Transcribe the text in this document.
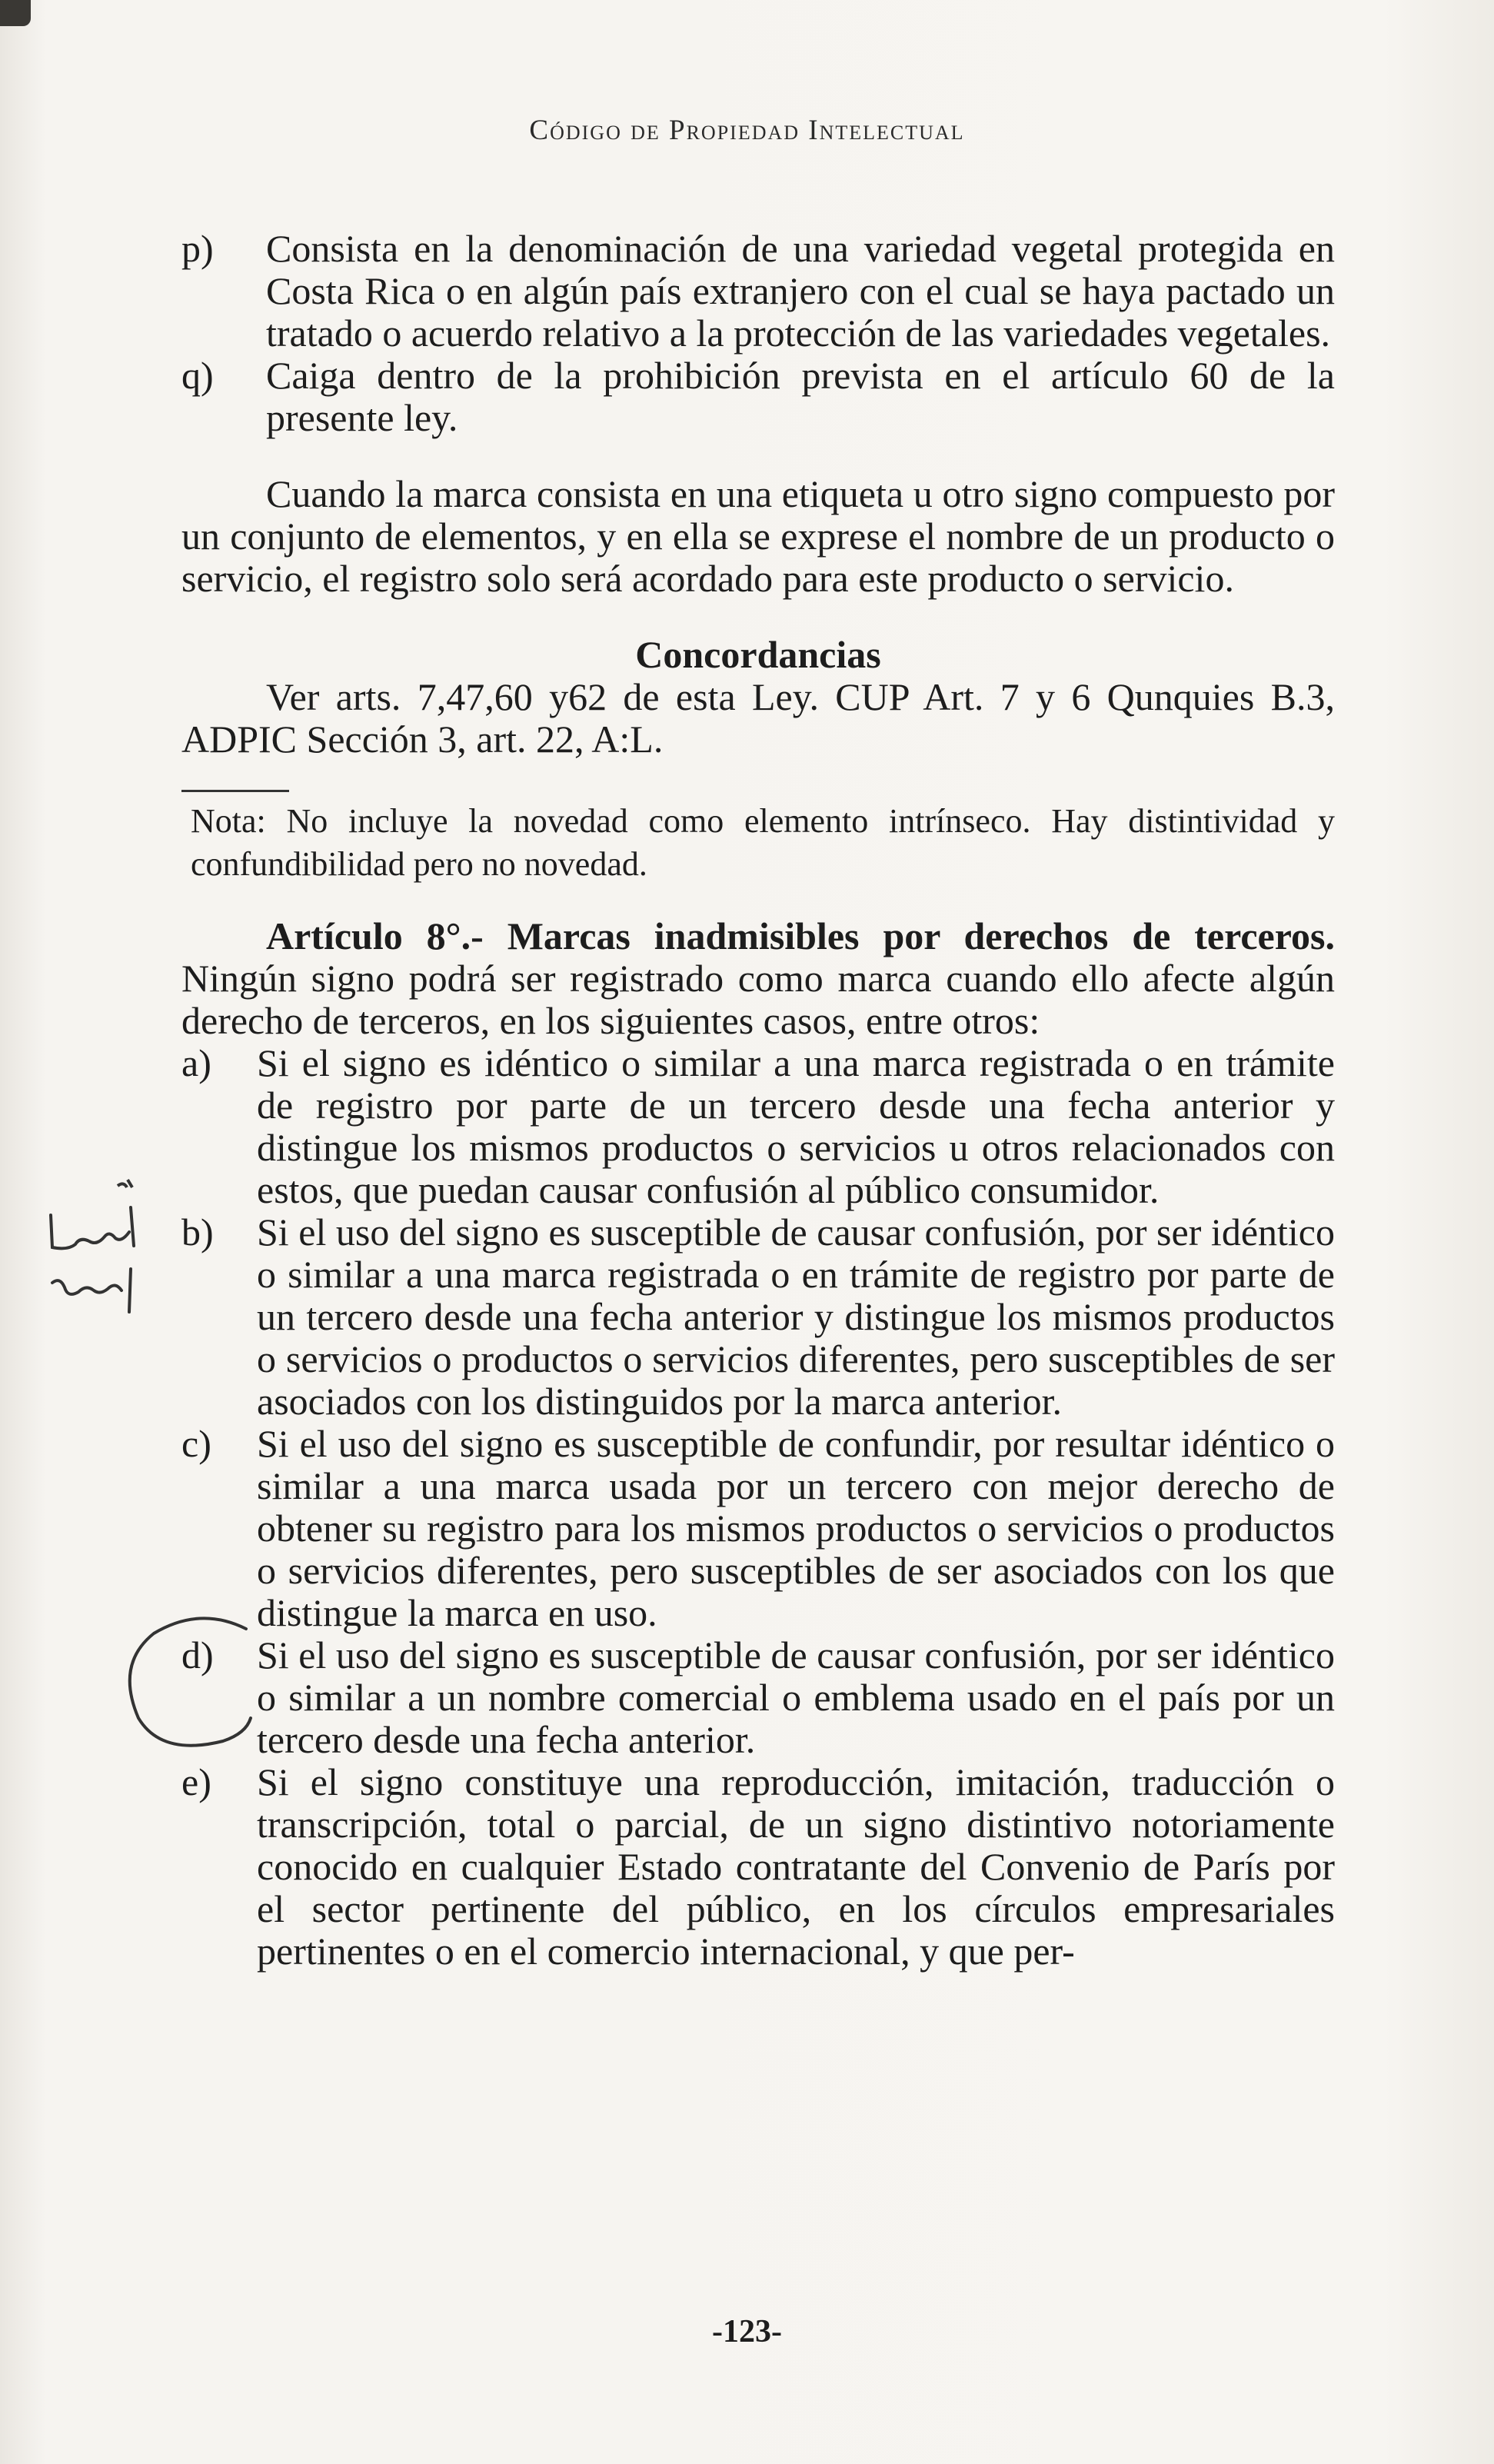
Código de Propiedad Intelectual
p)	Consista en la denominación de una variedad vegetal protegida en Costa Rica o en algún país extranjero con el cual se haya pactado un tratado o acuerdo relativo a la protección de las variedades vegetales.
q)	Caiga dentro de la prohibición prevista en el artículo 60 de la presente ley.

Cuando la marca consista en una etiqueta u otro signo compuesto por un conjunto de elementos, y en ella se exprese el nombre de un producto o servicio, el registro solo será acordado para este producto o servicio.

Concordancias

Ver arts. 7,47,60 y62 de esta Ley. CUP Art. 7 y 6 Qunquies B.3, ADPIC Sección 3, art. 22, A:L.

Nota: No incluye la novedad como elemento intrínseco. Hay distintividad y confundibilidad pero no novedad.

Artículo 8°.- Marcas inadmisibles por derechos de terceros. Ningún signo podrá ser registrado como marca cuando ello afecte algún derecho de terceros, en los siguientes casos, entre otros:

a)	Si el signo es idéntico o similar a una marca registrada o en trámite de registro por parte de un tercero desde una fecha anterior y distingue los mismos productos o servicios u otros relacionados con estos, que puedan causar confusión al público consumidor.
b)	Si el uso del signo es susceptible de causar confusión, por ser idéntico o similar a una marca registrada o en trámite de registro por parte de un tercero desde una fecha anterior y distingue los mismos productos o servicios o productos o servicios diferentes, pero susceptibles de ser asociados con los distinguidos por la marca anterior.
c)	Si el uso del signo es susceptible de confundir, por resultar idéntico o similar a una marca usada por un tercero con mejor derecho de obtener su registro para los mismos productos o servicios o productos o servicios diferentes, pero susceptibles de ser asociados con los que distingue la marca en uso.
d)	Si el uso del signo es susceptible de causar confusión, por ser idéntico o similar a un nombre comercial o emblema usado en el país por un tercero desde una fecha anterior.
e)	Si el signo constituye una reproducción, imitación, traducción o transcripción, total o parcial, de un signo distintivo notoriamente conocido en cualquier Estado contratante del Convenio de París por el sector pertinente del público, en los círculos empresariales pertinentes o en el comercio internacional, y que per-
-123-
